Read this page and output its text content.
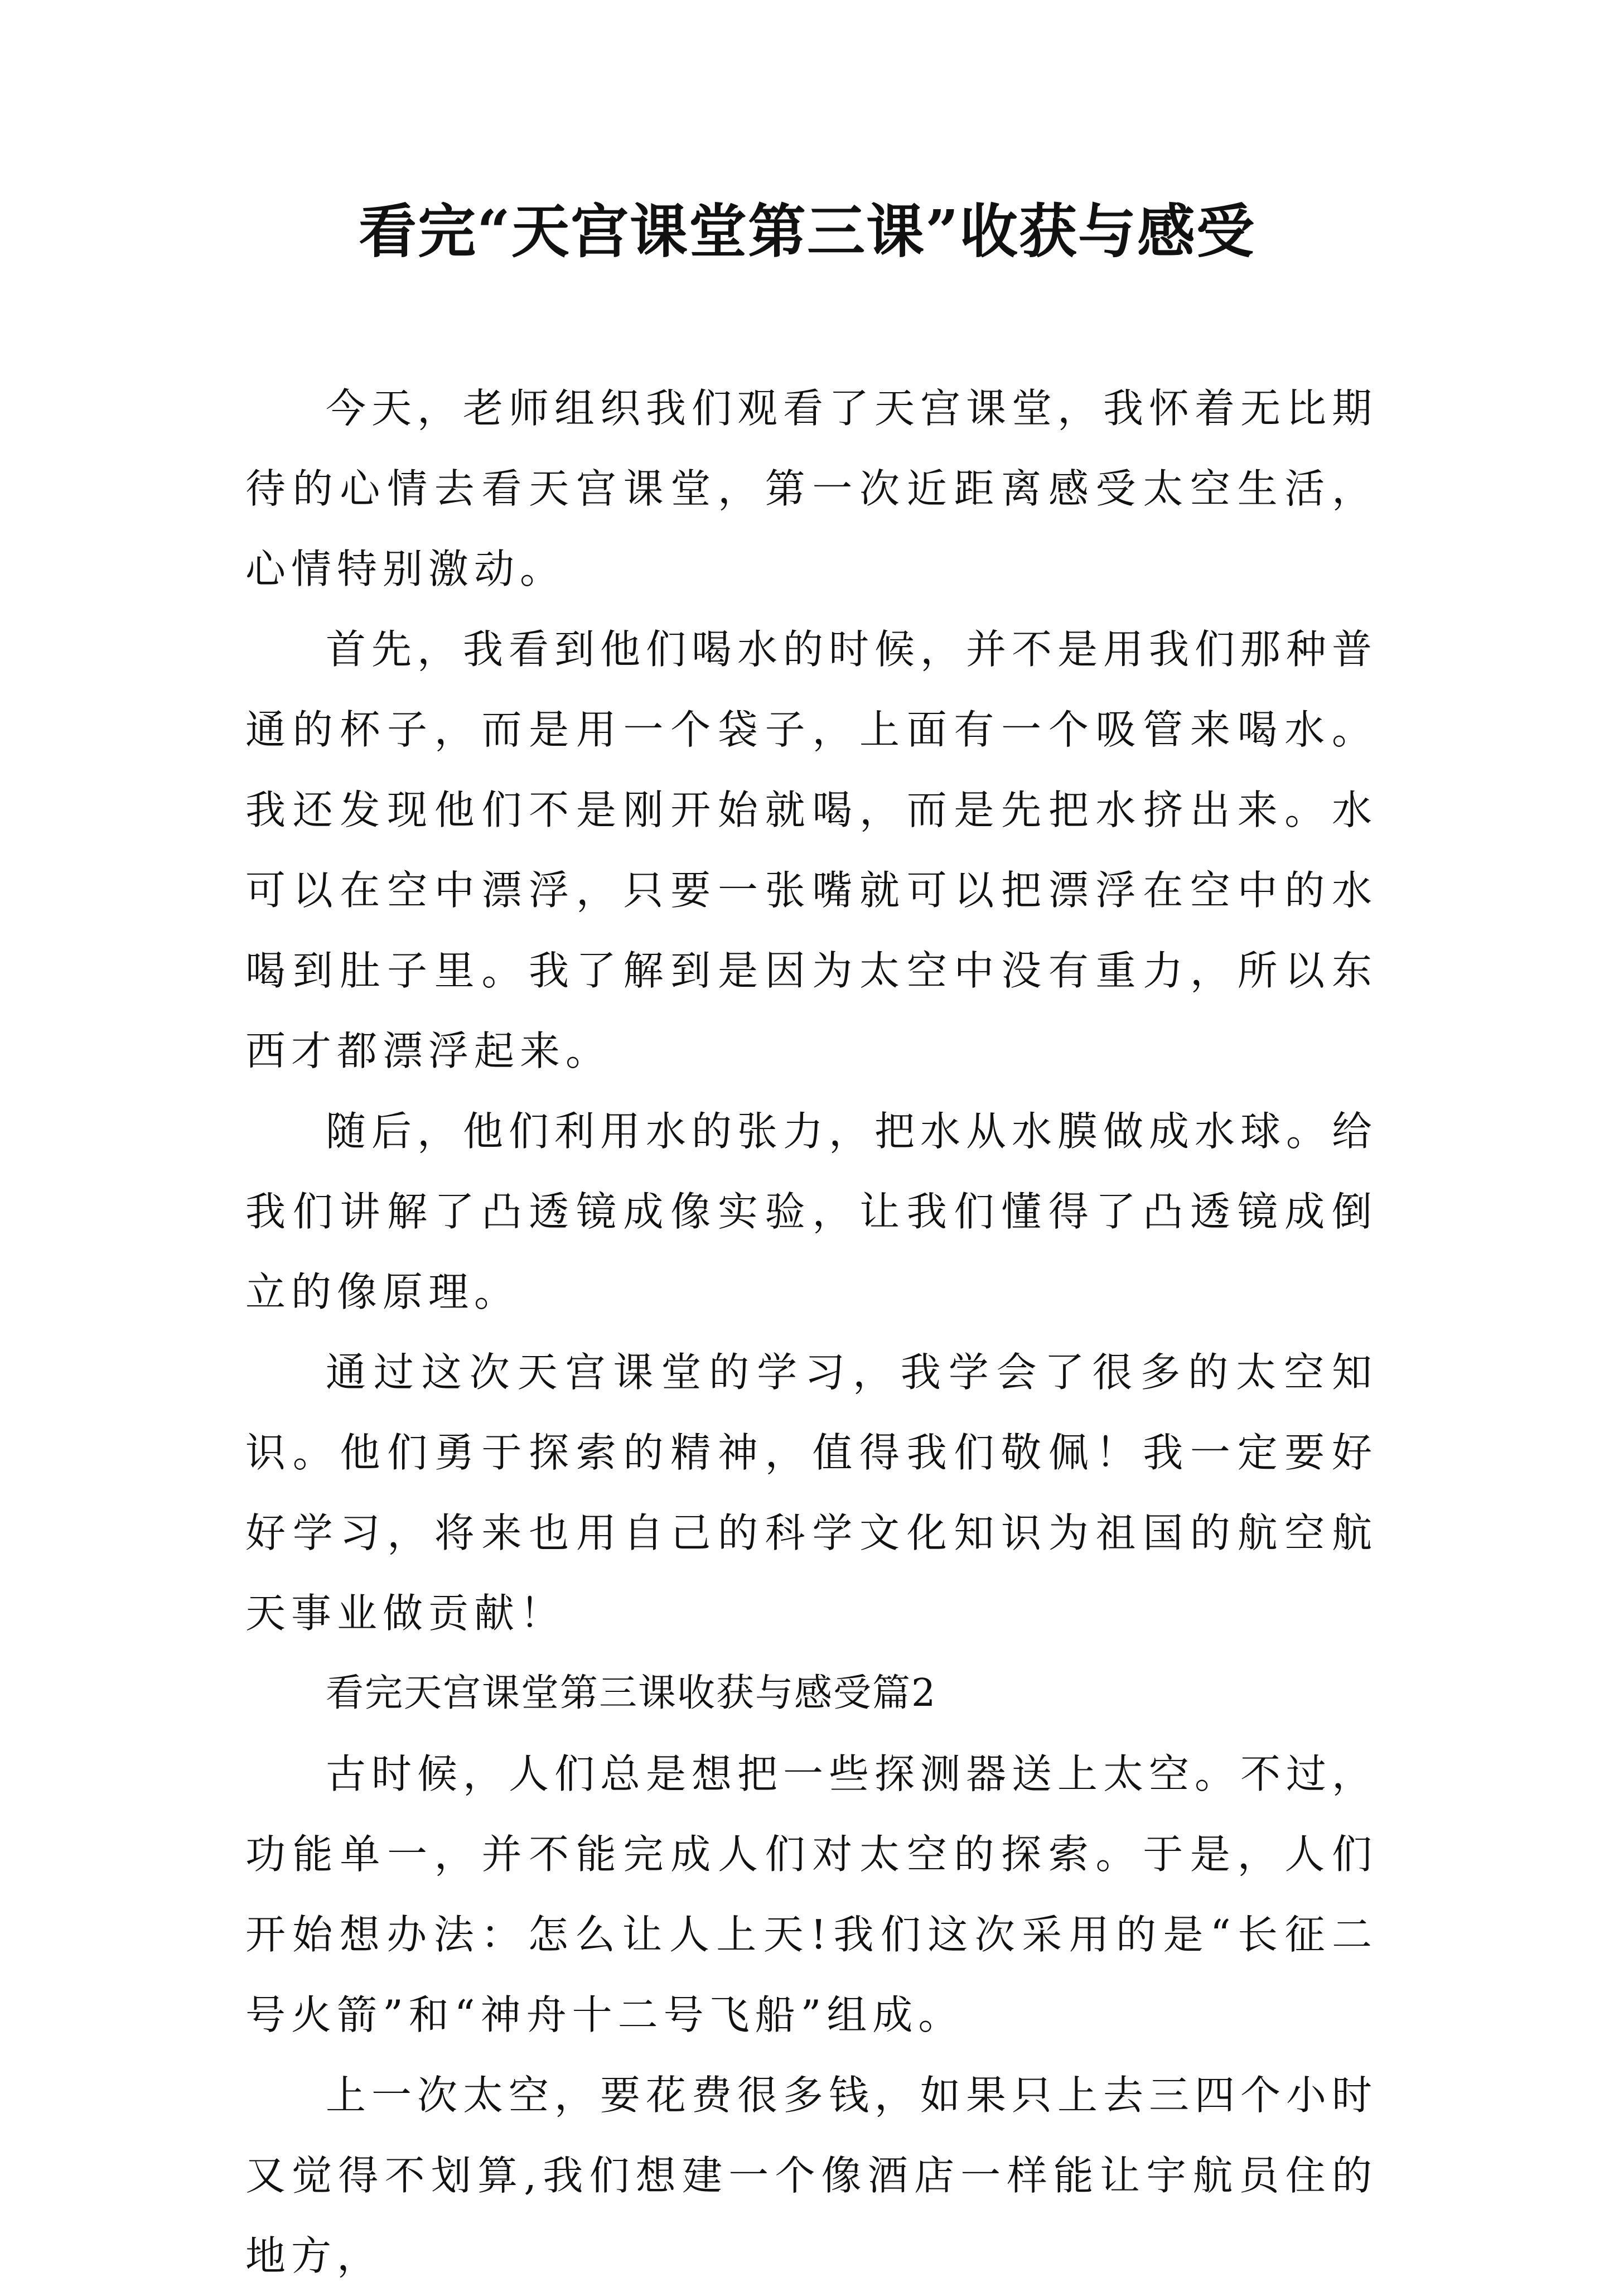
看完“天宫课堂第三课”收获与感受

今天，老师组织我们观看了天宫课堂，我怀着无比期待的心情去看天宫课堂，第一次近距离感受太空生活，心情特别激动。

首先，我看到他们喝水的时候，并不是用我们那种普通的杯子，而是用一个袋子，上面有一个吸管来喝水。我还发现他们不是刚开始就喝，而是先把水挤出来。水可以在空中漂浮，只要一张嘴就可以把漂浮在空中的水喝到肚子里。我了解到是因为太空中没有重力，所以东西才都漂浮起来。

随后，他们利用水的张力，把水从水膜做成水球。给我们讲解了凸透镜成像实验，让我们懂得了凸透镜成倒立的像原理。

通过这次天宫课堂的学习，我学会了很多的太空知识。他们勇于探索的精神，值得我们敬佩！我一定要好好学习，将来也用自己的科学文化知识为祖国的航空航天事业做贡献！

看完天宫课堂第三课收获与感受篇2

古时候，人们总是想把一些探测器送上太空。不过，功能单一，并不能完成人们对太空的探索。于是，人们开始想办法：怎么让人上天!我们这次采用的是“长征二号火箭”和“神舟十二号飞船”组成。

上一次太空，要花费很多钱，如果只上去三四个小时又觉得不划算,我们想建一个像酒店一样能让宇航员住的地方，
